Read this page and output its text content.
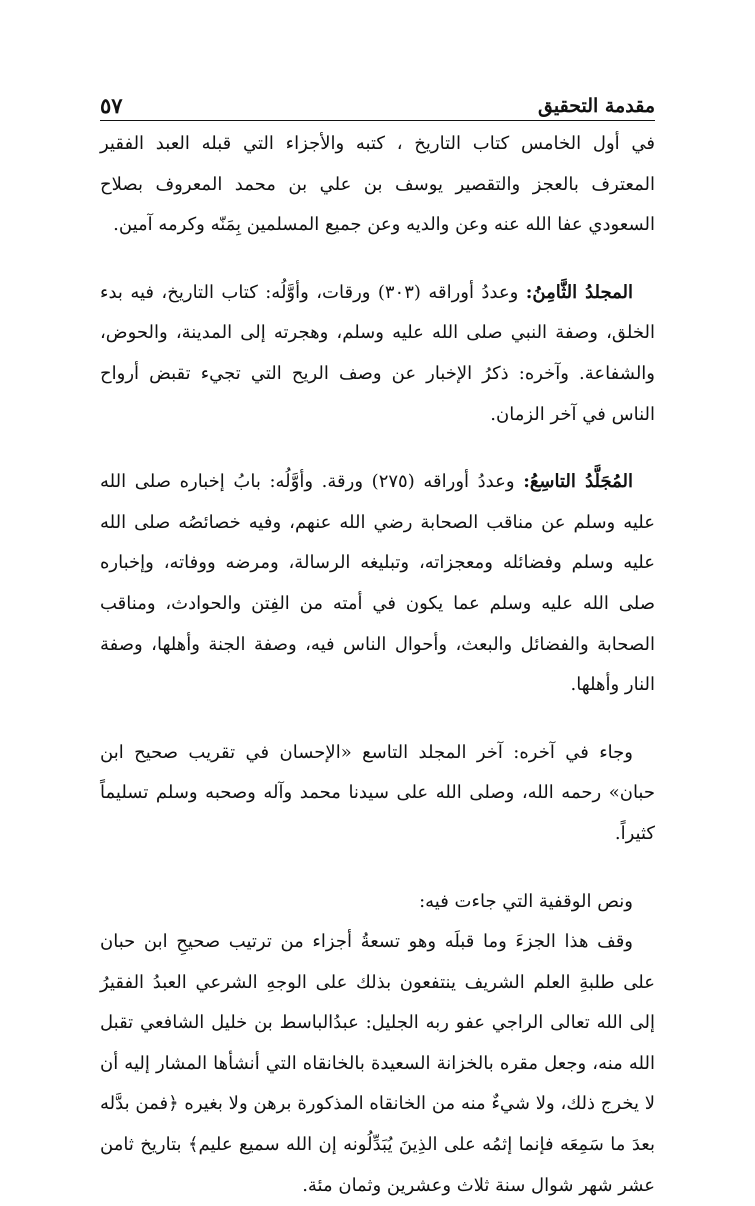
مقدمة التحقيق
٥٧

في أول الخامس كتاب التاريخ ، كتبه والأجزاء التي قبله العبد الفقير المعترف بالعجز والتقصير يوسف بن علي بن محمد المعروف بصلاح السعودي عفا الله عنه وعن والديه وعن جميع المسلمين بِمَنّه وكرمه آمين.

المجلدُ الثَّامِنُ: وعددُ أوراقه (٣٠٣) ورقات، وأوَّلُه: كتاب التاريخ، فيه بدء الخلق، وصفة النبي صلى الله عليه وسلم، وهجرته إلى المدينة، والحوض، والشفاعة. وآخره: ذكرُ الإخبار عن وصف الريح التي تجيء تقبض أرواح الناس في آخر الزمان.

المُجَلَّدُ التاسِعُ: وعددُ أوراقه (٢٧٥) ورقة. وأوَّلُه: بابُ إخباره صلى الله عليه وسلم عن مناقب الصحابة رضي الله عنهم، وفيه خصائصُه صلى الله عليه وسلم وفضائله ومعجزاته، وتبليغه الرسالة، ومرضه ووفاته، وإخباره صلى الله عليه وسلم عما يكون في أمته من الفِتن والحوادث، ومناقب الصحابة والفضائل والبعث، وأحوال الناس فيه، وصفة الجنة وأهلها، وصفة النار وأهلها.

وجاء في آخره: آخر المجلد التاسع «الإحسان في تقريب صحيح ابن حبان» رحمه الله، وصلى الله على سيدنا محمد وآله وصحبه وسلم تسليماً كثيراً.

ونص الوقفية التي جاءت فيه:

وقف هذا الجزءَ وما قبلَه وهو تسعةُ أجزاء من ترتيب صحيحِ ابن حبان على طلبةِ العلم الشريف ينتفعون بذلك على الوجهِ الشرعي العبدُ الفقيرُ إلى الله تعالى الراجي عفو ربه الجليل: عبدُالباسط بن خليل الشافعي تقبل الله منه، وجعل مقره بالخزانة السعيدة بالخانقاه التي أنشأها المشار إليه أن لا يخرج ذلك، ولا شيءٌ منه من الخانقاه المذكورة برهن ولا بغيره ﴿فمن بدَّله بعدَ ما سَمِعَه فإنما إثمُه على الذِينَ يُبَدِّلُونه إن الله سميع عليم﴾ بتاريخ ثامن عشر شهر شوال سنة ثلاث وعشرين وثمان مئة.
